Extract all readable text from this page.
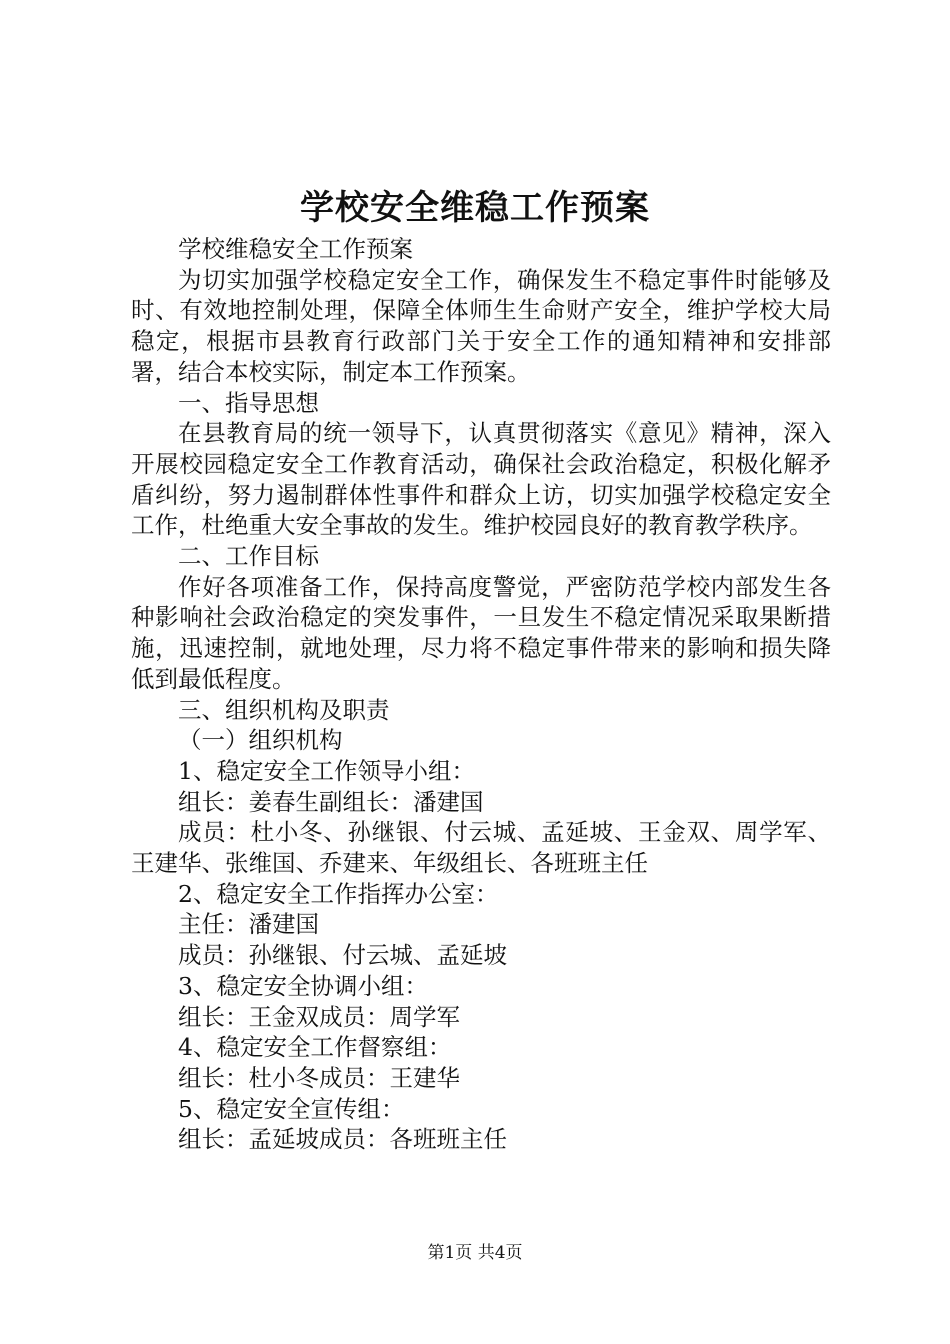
学校安全维稳工作预案

学校维稳安全工作预案

为切实加强学校稳定安全工作，确保发生不稳定事件时能够及时、有效地控制处理，保障全体师生生命财产安全，维护学校大局稳定，根据市县教育行政部门关于安全工作的通知精神和安排部署，结合本校实际，制定本工作预案。

一、指导思想

在县教育局的统一领导下，认真贯彻落实《意见》精神，深入开展校园稳定安全工作教育活动，确保社会政治稳定，积极化解矛盾纠纷，努力遏制群体性事件和群众上访，切实加强学校稳定安全工作，杜绝重大安全事故的发生。维护校园良好的教育教学秩序。

二、工作目标

作好各项准备工作，保持高度警觉，严密防范学校内部发生各种影响社会政治稳定的突发事件，一旦发生不稳定情况采取果断措施，迅速控制，就地处理，尽力将不稳定事件带来的影响和损失降低到最低程度。

三、组织机构及职责

（一）组织机构

1、稳定安全工作领导小组：

组长：姜春生副组长：潘建国

成员：杜小冬、孙继银、付云城、孟延坡、王金双、周学军、王建华、张维国、乔建来、年级组长、各班班主任

2、稳定安全工作指挥办公室：

主任：潘建国

成员：孙继银、付云城、孟延坡

3、稳定安全协调小组：

组长：王金双成员：周学军

4、稳定安全工作督察组：

组长：杜小冬成员：王建华

5、稳定安全宣传组：

组长：孟延坡成员：各班班主任

第1页 共4页
